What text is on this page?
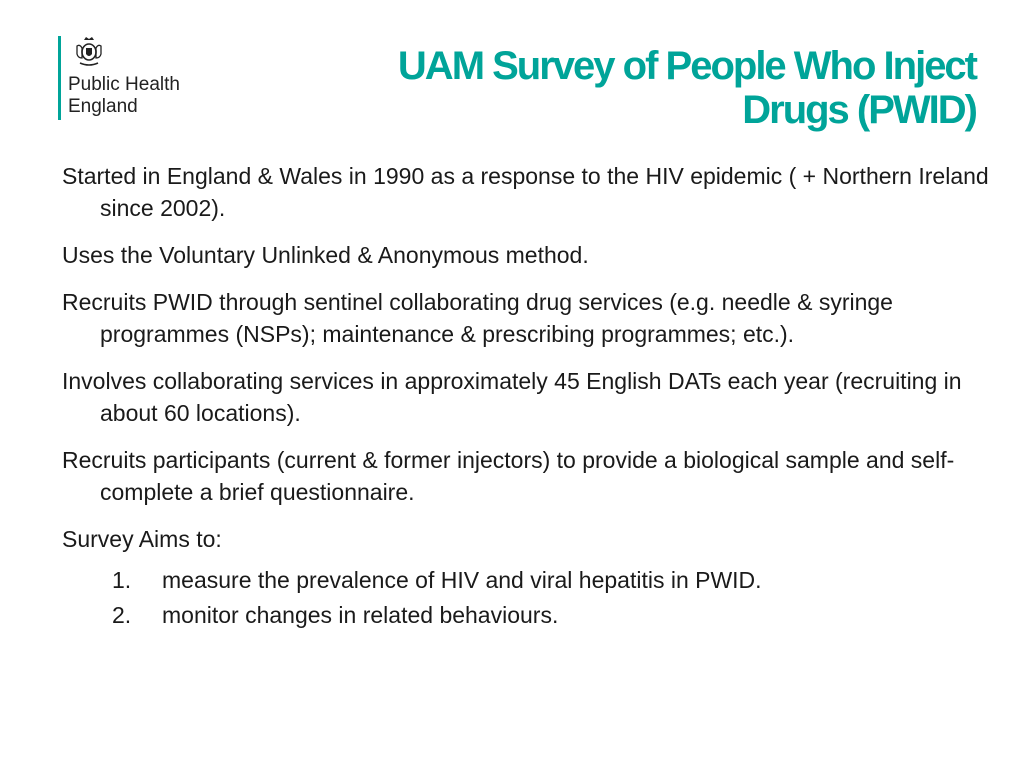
Public Health
England
UAM Survey of People Who Inject
Drugs (PWID)

Started in England & Wales in 1990 as a response to the HIV epidemic ( + Northern Ireland since 2002).

Uses the Voluntary Unlinked & Anonymous method.

Recruits PWID through sentinel collaborating drug services (e.g. needle & syringe programmes (NSPs); maintenance & prescribing programmes; etc.).

Involves collaborating services in approximately 45 English DATs each year (recruiting in about 60 locations).

Recruits participants (current & former injectors) to provide a biological sample and self-complete a brief questionnaire.

Survey Aims to:

1.	measure the prevalence of HIV and viral hepatitis in PWID.
2.	monitor changes in related behaviours.
